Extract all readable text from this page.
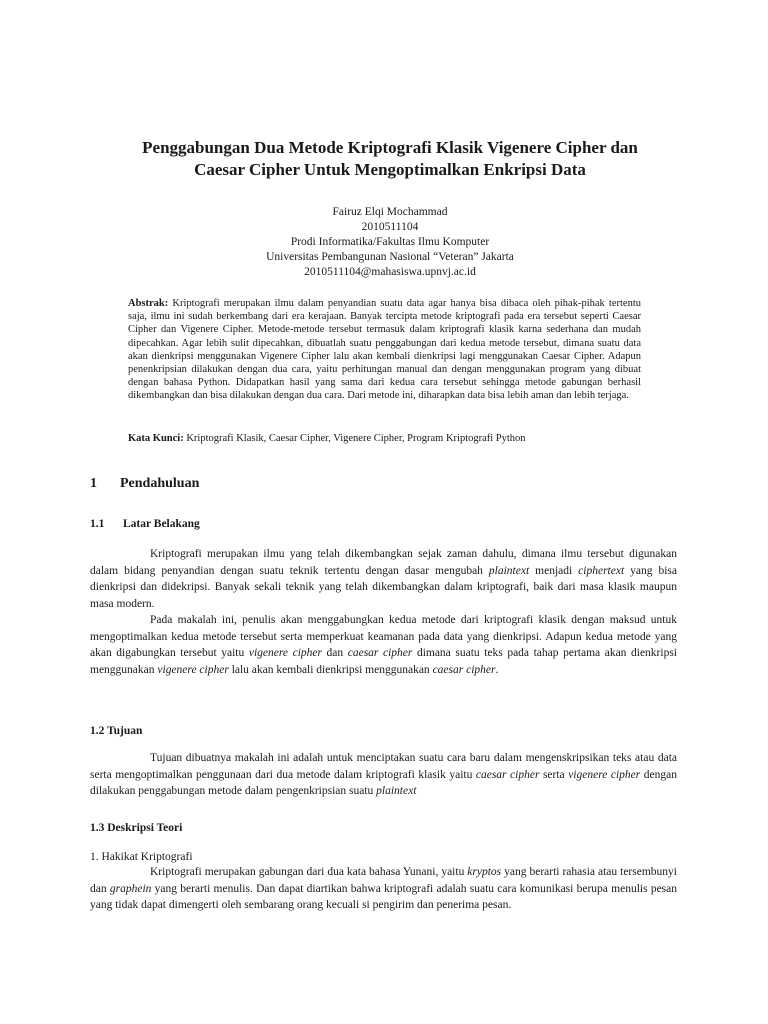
Penggabungan Dua Metode Kriptografi Klasik Vigenere Cipher dan
Caesar Cipher Untuk Mengoptimalkan Enkripsi Data
Fairuz Elqi Mochammad
2010511104
Prodi Informatika/Fakultas Ilmu Komputer
Universitas Pembangunan Nasional “Veteran” Jakarta
2010511104@mahasiswa.upnvj.ac.id

Abstrak: Kriptografi merupakan ilmu dalam penyandian suatu data agar hanya bisa dibaca oleh pihak-pihak tertentu saja, ilmu ini sudah berkembang dari era kerajaan. Banyak tercipta metode kriptografi pada era tersebut seperti Caesar Cipher dan Vigenere Cipher. Metode-metode tersebut termasuk dalam kriptografi klasik karna sederhana dan mudah dipecahkan. Agar lebih sulit dipecahkan, dibuatlah suatu penggabungan dari kedua metode tersebut, dimana suatu data akan dienkripsi menggunakan Vigenere Cipher lalu akan kembali dienkripsi lagi menggunakan Caesar Cipher. Adapun penenkripsian dilakukan dengan dua cara, yaitu perhitungan manual dan dengan menggunakan program yang dibuat dengan bahasa Python. Didapatkan hasil yang sama dari kedua cara tersebut sehingga metode gabungan berhasil dikembangkan dan bisa dilakukan dengan dua cara. Dari metode ini, diharapkan data bisa lebih aman dan lebih terjaga.

Kata Kunci: Kriptografi Klasik, Caesar Cipher, Vigenere Cipher, Program Kriptografi Python

1 Pendahuluan
1.1 Latar Belakang

Kriptografi merupakan ilmu yang telah dikembangkan sejak zaman dahulu, dimana ilmu tersebut digunakan dalam bidang penyandian dengan suatu teknik tertentu dengan dasar mengubah plaintext menjadi ciphertext yang bisa dienkripsi dan didekripsi. Banyak sekali teknik yang telah dikembangkan dalam kriptografi, baik dari masa klasik maupun masa modern.

Pada makalah ini, penulis akan menggabungkan kedua metode dari kriptografi klasik dengan maksud untuk mengoptimalkan kedua metode tersebut serta memperkuat keamanan pada data yang dienkripsi. Adapun kedua metode yang akan digabungkan tersebut yaitu vigenere cipher dan caesar cipher dimana suatu teks pada tahap pertama akan dienkripsi menggunakan vigenere cipher lalu akan kembali dienkripsi menggunakan caesar cipher.

1.2 Tujuan

Tujuan dibuatnya makalah ini adalah untuk menciptakan suatu cara baru dalam mengenskripsikan teks atau data serta mengoptimalkan penggunaan dari dua metode dalam kriptografi klasik yaitu caesar cipher serta vigenere cipher dengan dilakukan penggabungan metode dalam pengenkripsian suatu plaintext

1.3 Deskripsi Teori

1. Hakikat Kriptografi

Kriptografi merupakan gabungan dari dua kata bahasa Yunani, yaitu kryptos yang berarti rahasia atau tersembunyi dan graphein yang berarti menulis. Dan dapat diartikan bahwa kriptografi adalah suatu cara komunikasi berupa menulis pesan yang tidak dapat dimengerti oleh sembarang orang kecuali si pengirim dan penerima pesan.
